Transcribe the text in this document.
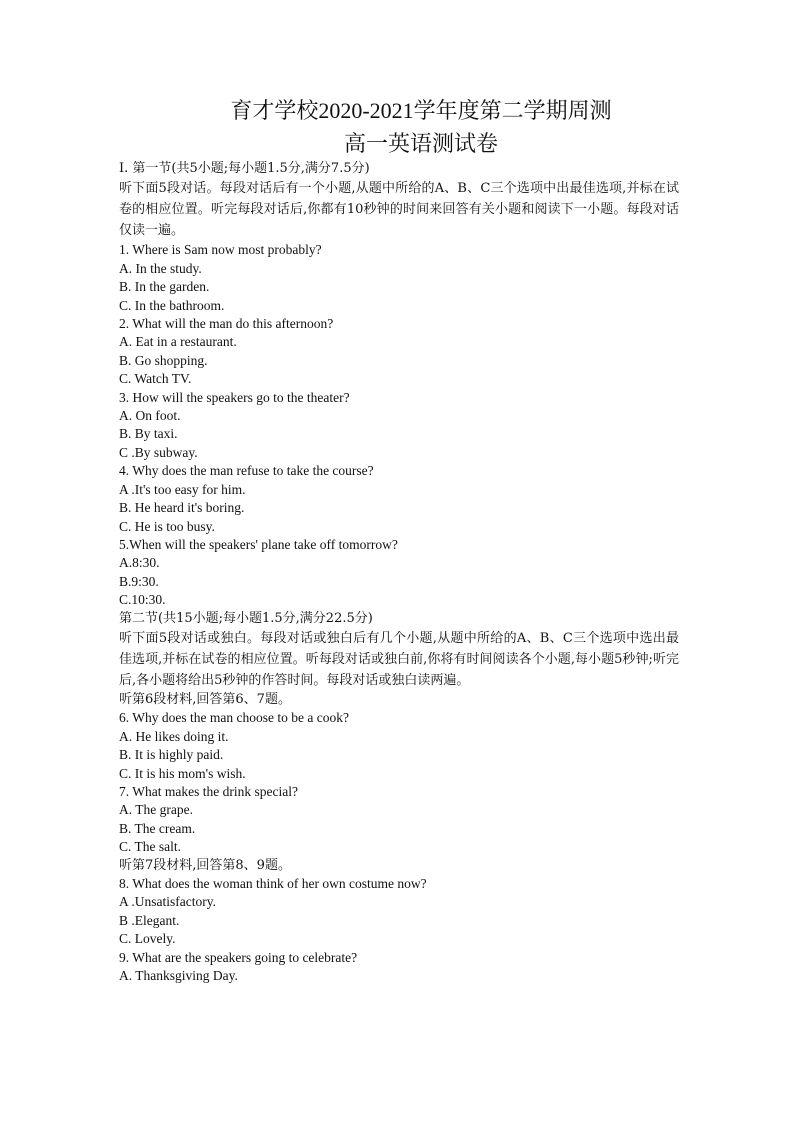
育才学校2020-2021学年度第二学期周测
高一英语测试卷
Ⅰ. 第一节(共5小题;每小题1.5分,满分7.5分)
听下面5段对话。每段对话后有一个小题,从题中所给的A、B、C三个选项中出最佳选项,并标在试卷的相应位置。听完每段对话后,你都有10秒钟的时间来回答有关小题和阅读下一小题。每段对话仅读一遍。
1. Where is Sam now most probably?
A. In the study.
B. In the garden.
C. In the bathroom.
2. What will the man do this afternoon?
A. Eat in a restaurant.
B. Go shopping.
C. Watch TV.
3. How will the speakers go to the theater?
A. On foot.
B. By taxi.
C .By subway.
4. Why does the man refuse to take the course?
A .It's too easy for him.
B. He heard it's boring.
C. He is too busy.
5.When will the speakers' plane take off tomorrow?
A.8:30.
B.9:30.
C.10:30.
第二节(共15小题;每小题1.5分,满分22.5分)
听下面5段对话或独白。每段对话或独白后有几个小题,从题中所给的A、B、C三个选项中选出最佳选项,并标在试卷的相应位置。听每段对话或独白前,你将有时间阅读各个小题,每小题5秒钟;听完后,各小题将给出5秒钟的作答时间。每段对话或独白读两遍。
听第6段材料,回答第6、7题。
6. Why does the man choose to be a cook?
A. He likes doing it.
B. It is highly paid.
C. It is his mom's wish.
7. What makes the drink special?
A. The grape.
B. The cream.
C. The salt.
听第7段材料,回答第8、9题。
8. What does the woman think of her own costume now?
A .Unsatisfactory.
B .Elegant.
C. Lovely.
9. What are the speakers going to celebrate?
A. Thanksgiving Day.
